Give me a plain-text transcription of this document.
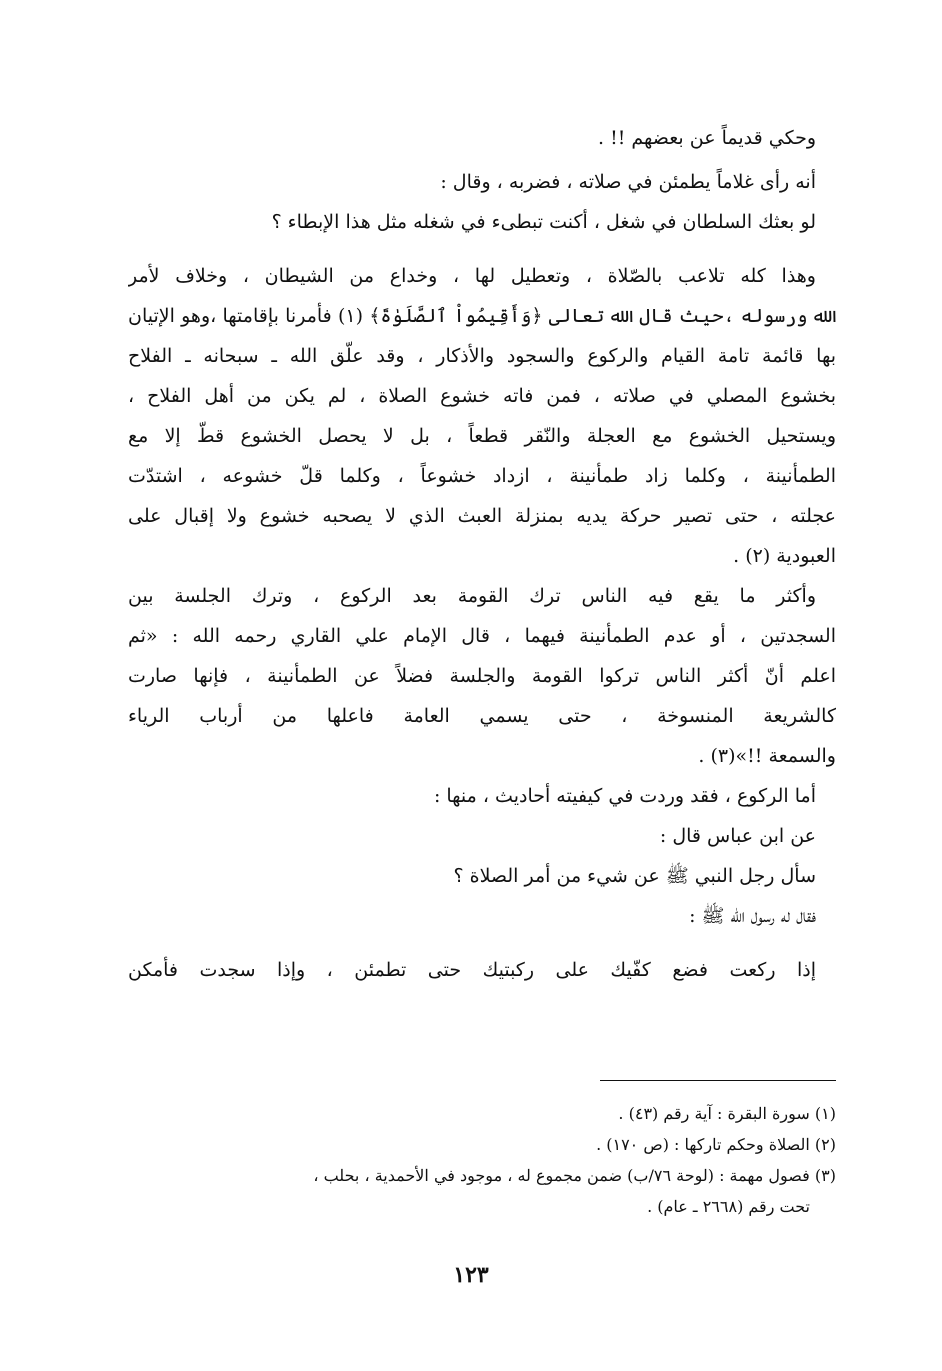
وحكي قديماً عن بعضهم !! .
أنه رأى غلاماً يطمئن في صلاته ، فضربه ، وقال :
لو بعثك السلطان في شغل ، أكنت تبطىء في شغله مثل هذا الإبطاء ؟
وهذا كله تلاعب بالصّلاة ، وتعطيل لها ، وخداع من الشيطان ، وخلاف لأمر
الله ورسوله ،حيث قال الله تعالى ﴿وَأَقِيمُواْ ٱلصَّلَوٰةَ﴾ (١) فأمرنا بإقامتها ،وهو الإتيان
بها قائمة تامة القيام والركوع والسجود والأذكار ، وقد علّق الله ـ سبحانه ـ الفلاح
بخشوع المصلي في صلاته ، فمن فاته خشوع الصلاة ، لم يكن من أهل الفلاح ،
ويستحيل الخشوع مع العجلة والنّقر قطعاً ، بل لا يحصل الخشوع قطّ إلا مع
الطمأنينة ، وكلما زاد طمأنينة ، ازداد خشوعاً ، وكلما قلّ خشوعه ، اشتدّت
عجلته ، حتى تصير حركة يديه بمنزلة العبث الذي لا يصحبه خشوع ولا إقبال على
العبودية (٢) .
وأكثر ما يقع فيه الناس ترك القومة بعد الركوع ، وترك الجلسة بين
السجدتين ، أو عدم الطمأنينة فيهما ، قال الإمام علي القاري رحمه الله : «ثم
اعلم أنّ أكثر الناس تركوا القومة والجلسة فضلاً عن الطمأنينة ، فإنها صارت
كالشريعة المنسوخة ، حتى يسمي العامة فاعلها من أرباب الرياء
والسمعة !!»(٣) .
أما الركوع ، فقد وردت في كيفيته أحاديث ، منها :
عن ابن عباس قال :
سأل رجل النبي ﷺ عن شيء من أمر الصلاة ؟
فقال له رسول الله ﷺ :
إذا ركعت فضع كفّيك على ركبتيك حتى تطمئن ، وإذا سجدت فأمكن
(١) سورة البقرة : آية رقم (٤٣) .
(٢) الصلاة وحكم تاركها : (ص ١٧٠) .
(٣) فصول مهمة : (لوحة ٧٦/ب) ضمن مجموع له ، موجود في الأحمدية ، بحلب ،
تحت رقم (٢٦٦٨ ـ عام) .
١٢٣
